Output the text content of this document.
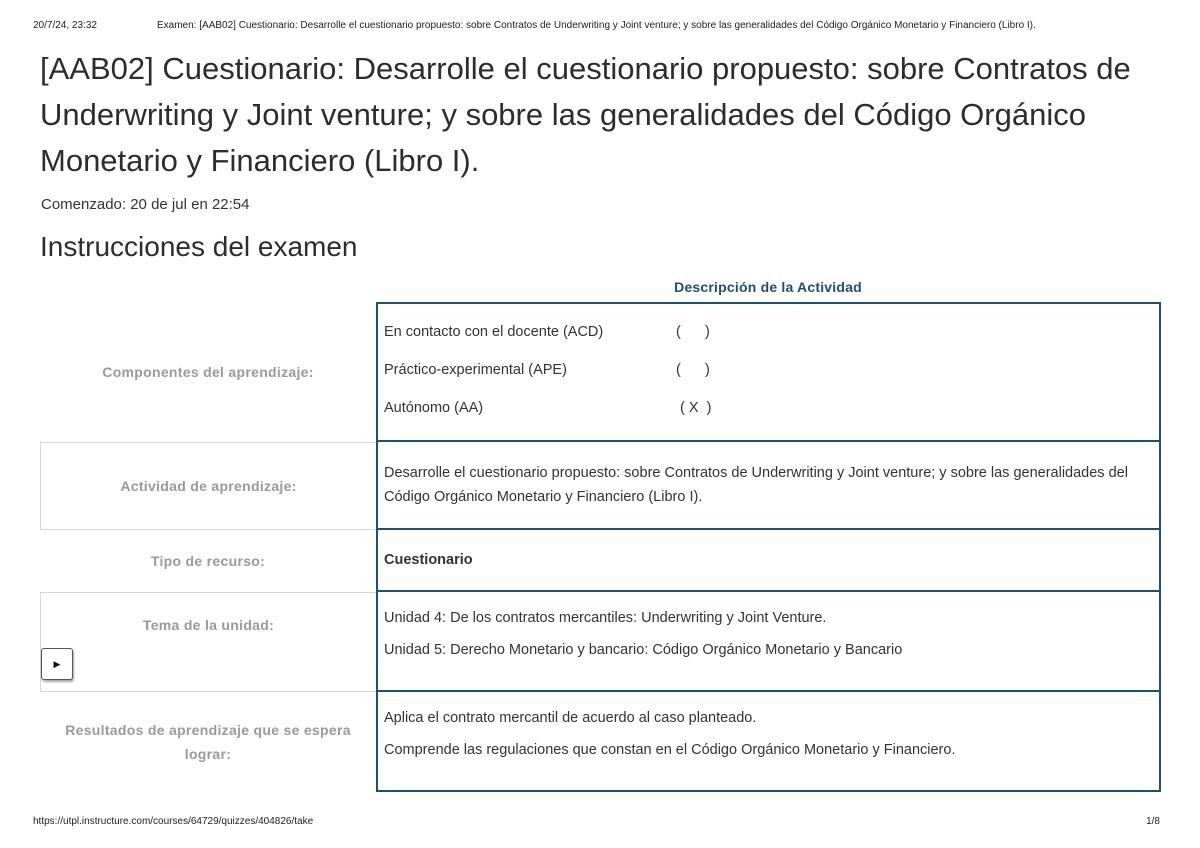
20/7/24, 23:32	Examen: [AAB02] Cuestionario: Desarrolle el cuestionario propuesto: sobre Contratos de Underwriting y Joint venture; y sobre las generalidades del Código Orgánico Monetario y Financiero (Libro I).
[AAB02] Cuestionario: Desarrolle el cuestionario propuesto: sobre Contratos de Underwriting y Joint venture; y sobre las generalidades del Código Orgánico Monetario y Financiero (Libro I).
Comenzado: 20 de jul en 22:54
Instrucciones del examen
Descripción de la Actividad
Componentes del aprendizaje:
En contacto con el docente (ACD)	(      )
Práctico-experimental (APE)	(      )
Autónomo (AA)	( X  )
Actividad de aprendizaje:

Desarrolle el cuestionario propuesto: sobre Contratos de Underwriting y Joint venture; y sobre las generalidades del Código Orgánico Monetario y Financiero (Libro I).

Tipo de recurso:	Cuestionario
Tema de la unidad:	Unidad 4: De los contratos mercantiles: Underwriting y Joint Venture.

Unidad 5: Derecho Monetario y bancario: Código Orgánico Monetario y Bancario

Resultados de aprendizaje que se espera lograr:

Aplica el contrato mercantil de acuerdo al caso planteado.

Comprende las regulaciones que constan en el Código Orgánico Monetario y Financiero.

▶
https://utpl.instructure.com/courses/64729/quizzes/404826/take	1/8
